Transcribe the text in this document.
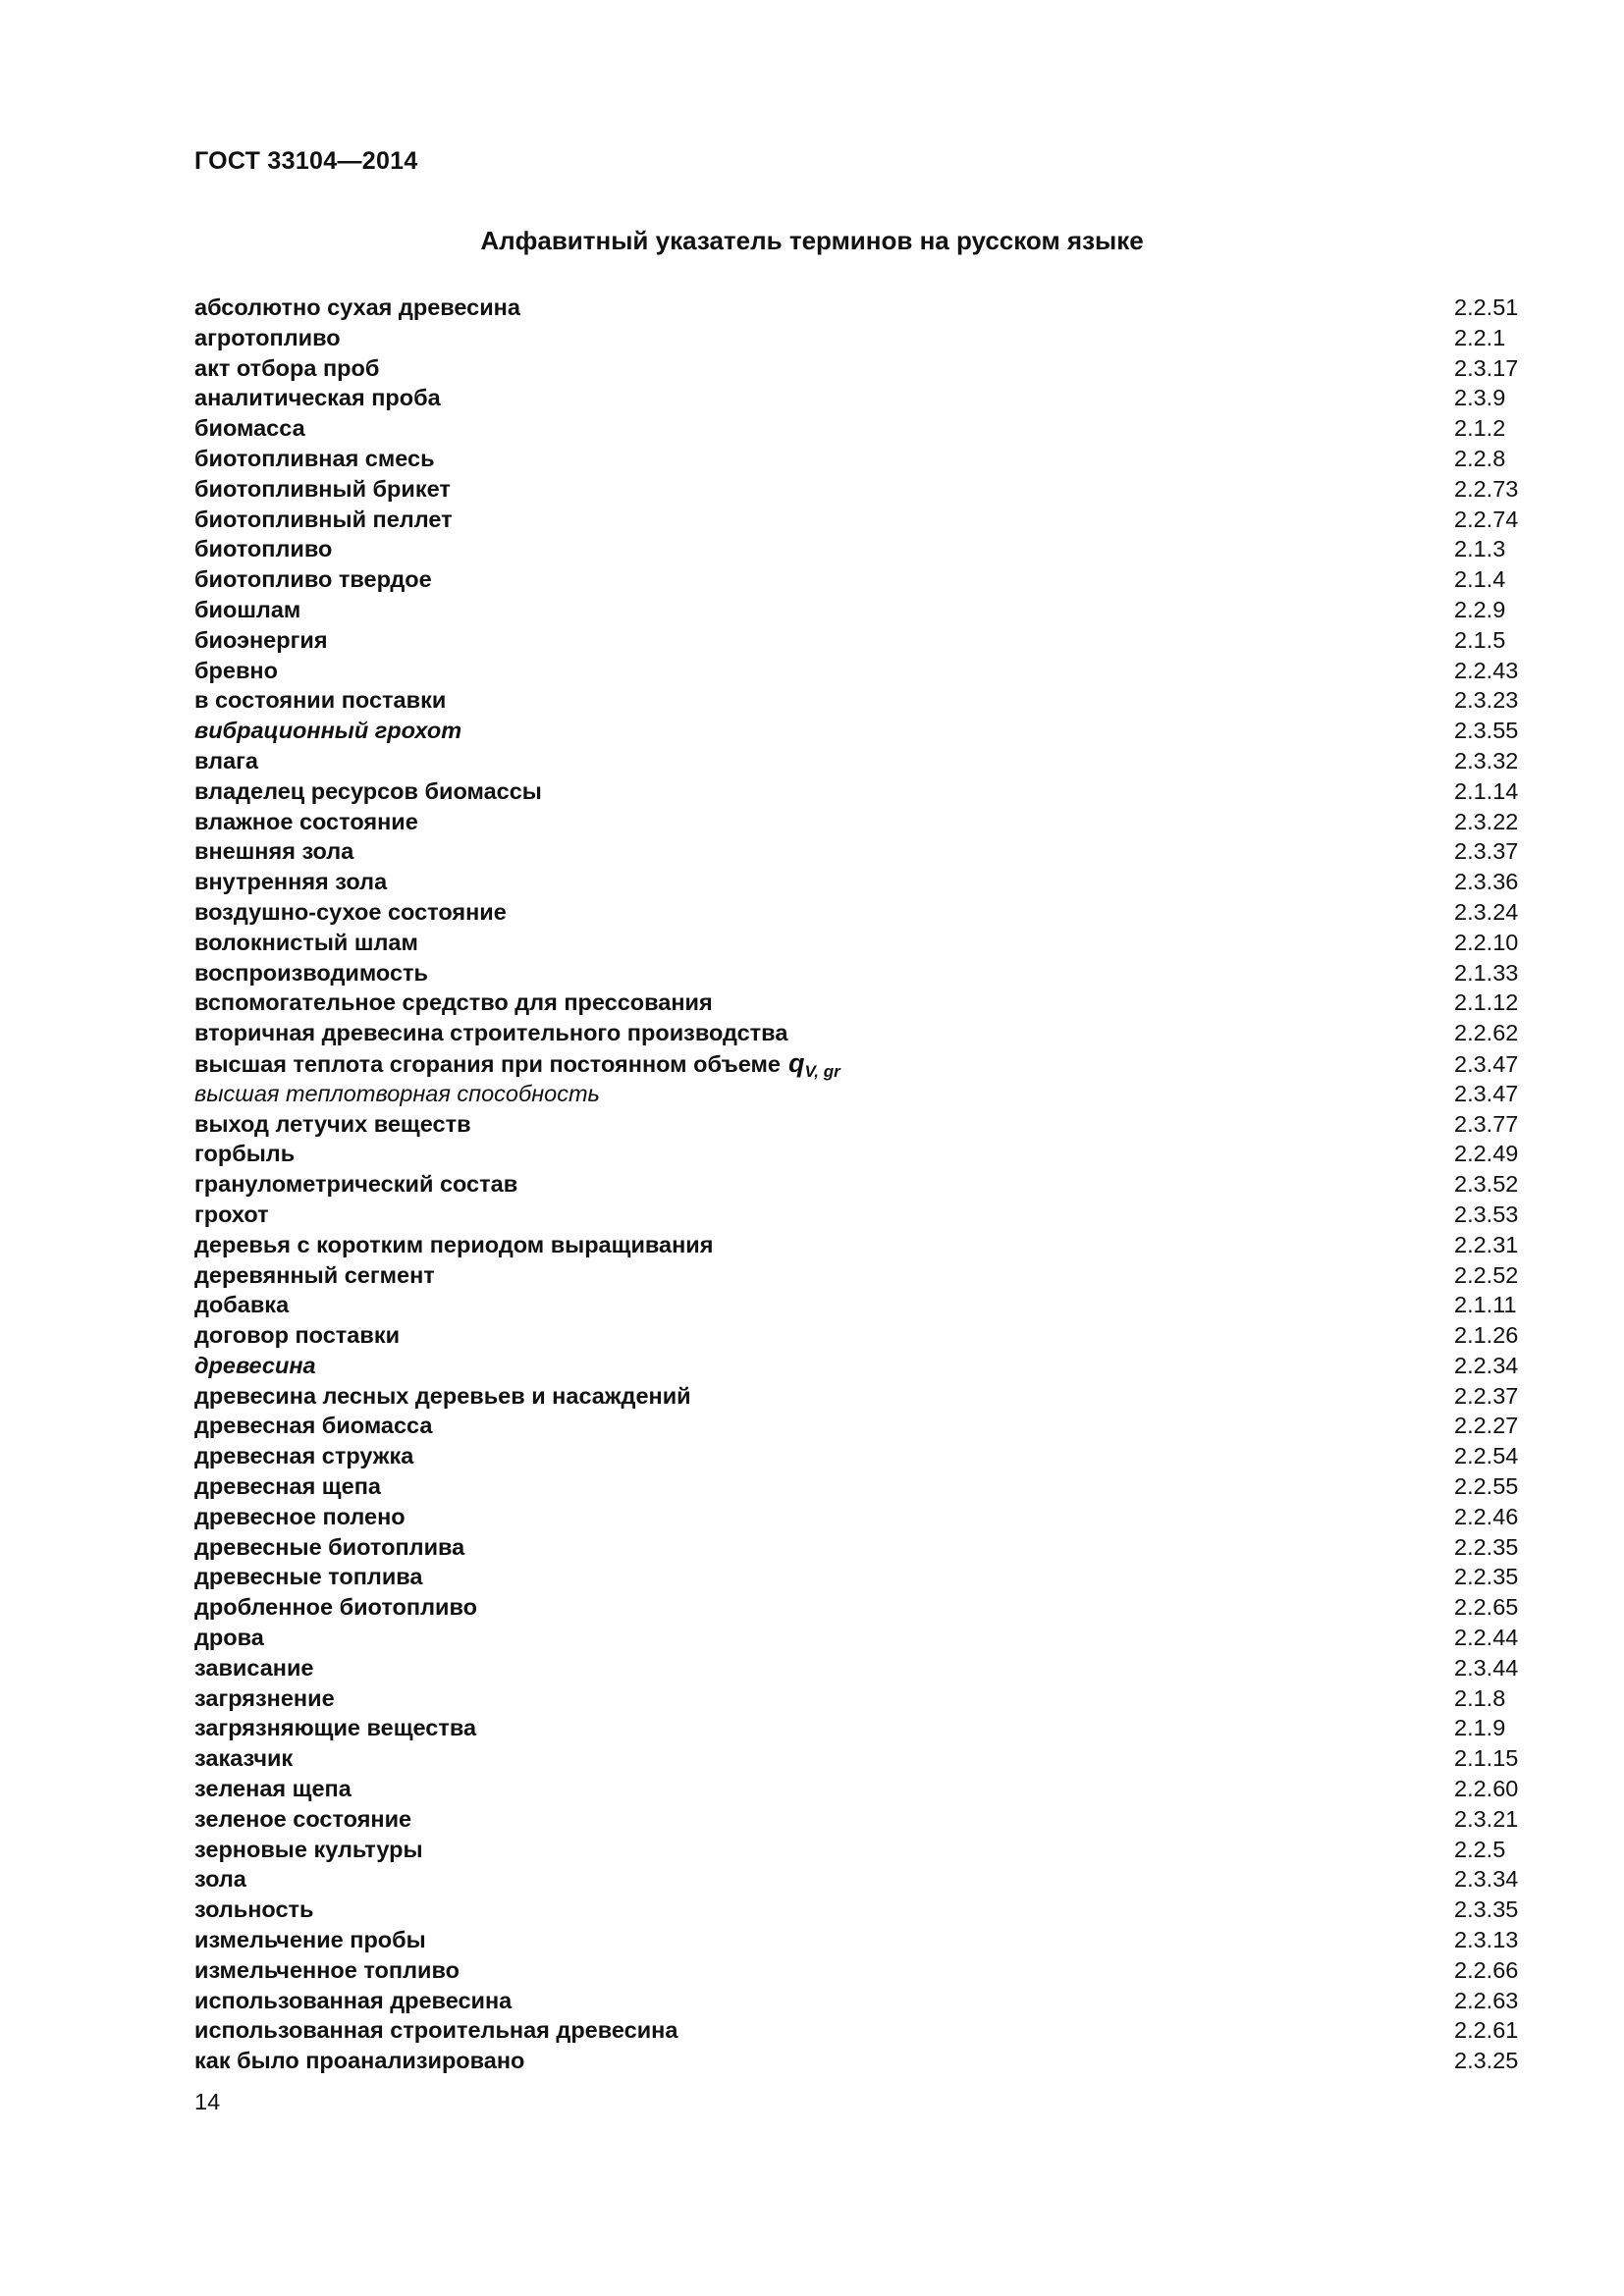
ГОСТ 33104—2014
Алфавитный указатель терминов на русском языке
абсолютно сухая древесина	2.2.51
агротопливо	2.2.1
акт отбора проб	2.3.17
аналитическая проба	2.3.9
биомасса	2.1.2
биотопливная смесь	2.2.8
биотопливный брикет	2.2.73
биотопливный пеллет	2.2.74
биотопливо	2.1.3
биотопливо твердое	2.1.4
биошлам	2.2.9
биоэнергия	2.1.5
бревно	2.2.43
в состоянии поставки	2.3.23
вибрационный грохот	2.3.55
влага	2.3.32
владелец ресурсов биомассы	2.1.14
влажное состояние	2.3.22
внешняя зола	2.3.37
внутренняя зола	2.3.36
воздушно-сухое состояние	2.3.24
волокнистый шлам	2.2.10
воспроизводимость	2.1.33
вспомогательное средство для прессования	2.1.12
вторичная древесина строительного производства	2.2.62
высшая теплота сгорания при постоянном объеме $q_{V, gr}$	2.3.47
высшая теплотворная способность	2.3.47
выход летучих веществ	2.3.77
горбыль	2.2.49
гранулометрический состав	2.3.52
грохот	2.3.53
деревья с коротким периодом выращивания	2.2.31
деревянный сегмент	2.2.52
добавка	2.1.11
договор поставки	2.1.26
древесина	2.2.34
древесина лесных деревьев и насаждений	2.2.37
древесная биомасса	2.2.27
древесная стружка	2.2.54
древесная щепа	2.2.55
древесное полено	2.2.46
древесные биотоплива	2.2.35
древесные топлива	2.2.35
дробленное биотопливо	2.2.65
дрова	2.2.44
зависание	2.3.44
загрязнение	2.1.8
загрязняющие вещества	2.1.9
заказчик	2.1.15
зеленая щепа	2.2.60
зеленое состояние	2.3.21
зерновые культуры	2.2.5
зола	2.3.34
зольность	2.3.35
измельчение пробы	2.3.13
измельченное топливо	2.2.66
использованная древесина	2.2.63
использованная строительная древесина	2.2.61
как было проанализировано	2.3.25
14
